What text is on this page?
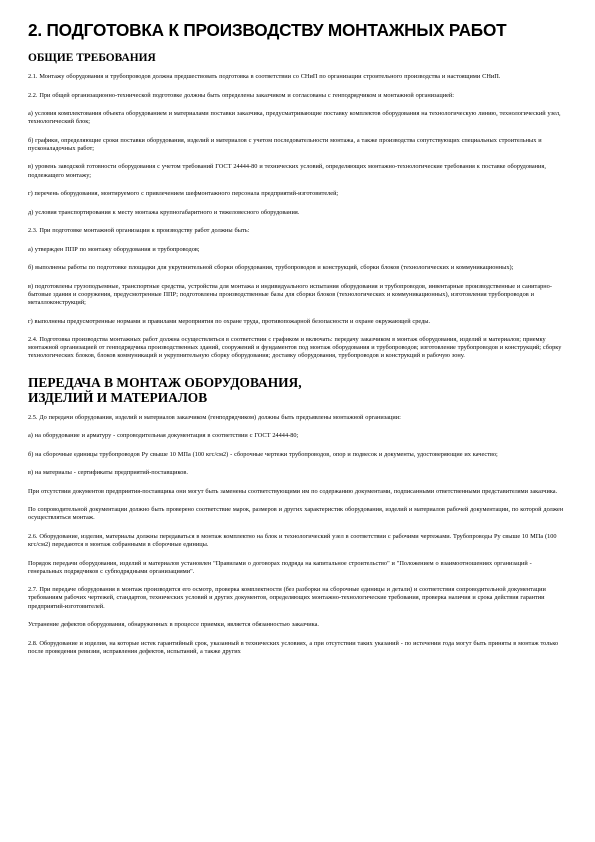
2. ПОДГОТОВКА К ПРОИЗВОДСТВУ МОНТАЖНЫХ РАБОТ
ОБЩИЕ ТРЕБОВАНИЯ

2.1. Монтажу оборудования и трубопроводов должна предшествовать подготовка в соответствии со СНиП по организации строительного производства и настоящими СНиП.

2.2. При общей организационно-технической подготовке должны быть определены заказчиком и согласованы с генподрядчиком и монтажной организацией:

а) условия комплектования объекта оборудованием и материалами поставки заказчика, предусматривающие поставку комплектов оборудования на технологическую линию, технологический узел, технологический блок;

б) графики, определяющие сроки поставки оборудования, изделий и материалов с учетом последовательности монтажа, а также производства сопутствующих специальных строительных и пусконаладочных работ;

в) уровень заводской готовности оборудования с учетом требований ГОСТ 24444-80 и технических условий, определяющих монтажно-технологические требования к поставке оборудования, подлежащего монтажу;

г) перечень оборудования, монтируемого с привлечением шефмонтажного персонала предприятий-изготовителей;

д) условия транспортирования к месту монтажа крупногабаритного и тяжеловесного оборудования.

2.3. При подготовке монтажной организации к производству работ должны быть:

а) утвержден ППР по монтажу оборудования и трубопроводов;

б) выполнены работы по подготовке площадки для укрупнительной сборки оборудования, трубопроводов и конструкций, сборки блоков (технологических и коммуникационных);

в) подготовлены грузоподъемные, транспортные средства, устройства для монтажа и индивидуального испытания оборудования и трубопроводов, инвентарные производственные и санитарно-бытовые здания и сооружения, предусмотренные ППР; подготовлены производственные базы для сборки блоков (технологических и коммуникационных), изготовления трубопроводов и металлоконструкций;

г) выполнены предусмотренные нормами и правилами мероприятия по охране труда, противопожарной безопасности и охране окружающей среды.

2.4. Подготовка производства монтажных работ должна осуществляться в соответствии с графиком и включать: передачу заказчиком в монтаж оборудования, изделий и материалов; приемку монтажной организацией от генподрядчика производственных зданий, сооружений и фундаментов под монтаж оборудования и трубопроводов; изготовление трубопроводов и конструкций; сборку технологических блоков, блоков коммуникаций и укрупнительную сборку оборудования; доставку оборудования, трубопроводов и конструкций в рабочую зону.

ПЕРЕДАЧА В МОНТАЖ ОБОРУДОВАНИЯ,
ИЗДЕЛИЙ И МАТЕРИАЛОВ

2.5. До передачи оборудования, изделий и материалов заказчиком (генподрядчиком) должны быть предъявлены монтажной организации:

а) на оборудование и арматуру - сопроводительная документация в соответствии с ГОСТ 24444-80;

б) на сборочные единицы трубопроводов Ру свыше 10 МПа (100 кгс/см2) - сборочные чертежи трубопроводов, опор и подвесок и документы, удостоверяющие их качество;

в) на материалы - сертификаты предприятий-поставщиков.

При отсутствии документов предприятия-поставщика они могут быть заменены соответствующими им по содержанию документами, подписанными ответственными представителями заказчика.

По сопроводительной документации должно быть проверено соответствие марок, размеров и других характеристик оборудования, изделий и материалов рабочей документации, по которой должен осуществляться монтаж.

2.6. Оборудование, изделия, материалы должны передаваться в монтаж комплектно на блок и технологический узел в соответствии с рабочими чертежами. Трубопроводы Ру свыше 10 МПа (100 кгс/см2) передаются в монтаж собранными в сборочные единицы.

Порядок передачи оборудования, изделий и материалов установлен "Правилами о договорах подряда на капитальное строительство" и "Положением о взаимоотношениях организаций - генеральных подрядчиков с субподрядными организациями".

2.7. При передаче оборудования в монтаж производится его осмотр, проверка комплектности (без разборки на сборочные единицы и детали) и соответствия сопроводительной документации требованиям рабочих чертежей, стандартов, технических условий и других документов, определяющих монтажно-технологические требования, проверка наличия и срока действия гарантии предприятий-изготовителей.

Устранение дефектов оборудования, обнаруженных в процессе приемки, является обязанностью заказчика.

2.8. Оборудование и изделия, на которые истек гарантийный срок, указанный в технических условиях, а при отсутствии таких указаний - по истечении года могут быть приняты в монтаж только после проведения ревизии, исправления дефектов, испытаний, а также других
